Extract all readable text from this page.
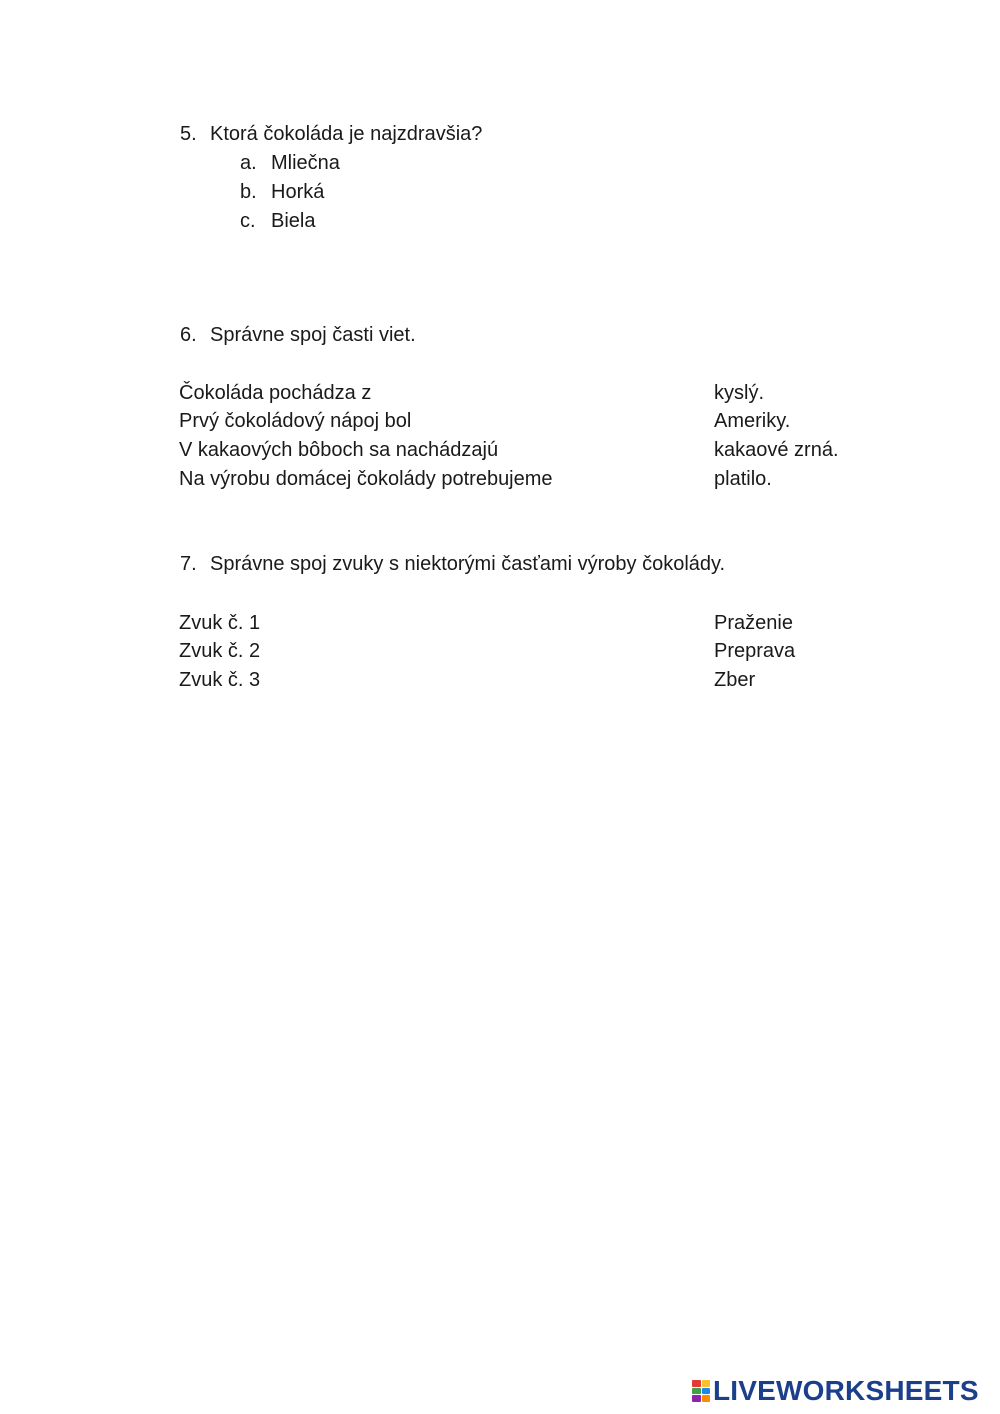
5. Ktorá čokoláda je najzdravšia?
a. Mliečna
b. Horká
c. Biela
6. Správne spoj časti viet.
Čokoláda pochádza z	kyslý.
Prvý čokoládový nápoj bol	Ameriky.
V kakaových bôboch sa nachádzajú	kakaové zrná.
Na výrobu domácej čokolády potrebujeme	platilo.
7. Správne spoj zvuky s niektorými časťami výroby čokolády.
Zvuk č. 1	Praženie
Zvuk č. 2	Preprava
Zvuk č. 3	Zber
LIVEWORKSHEETS
